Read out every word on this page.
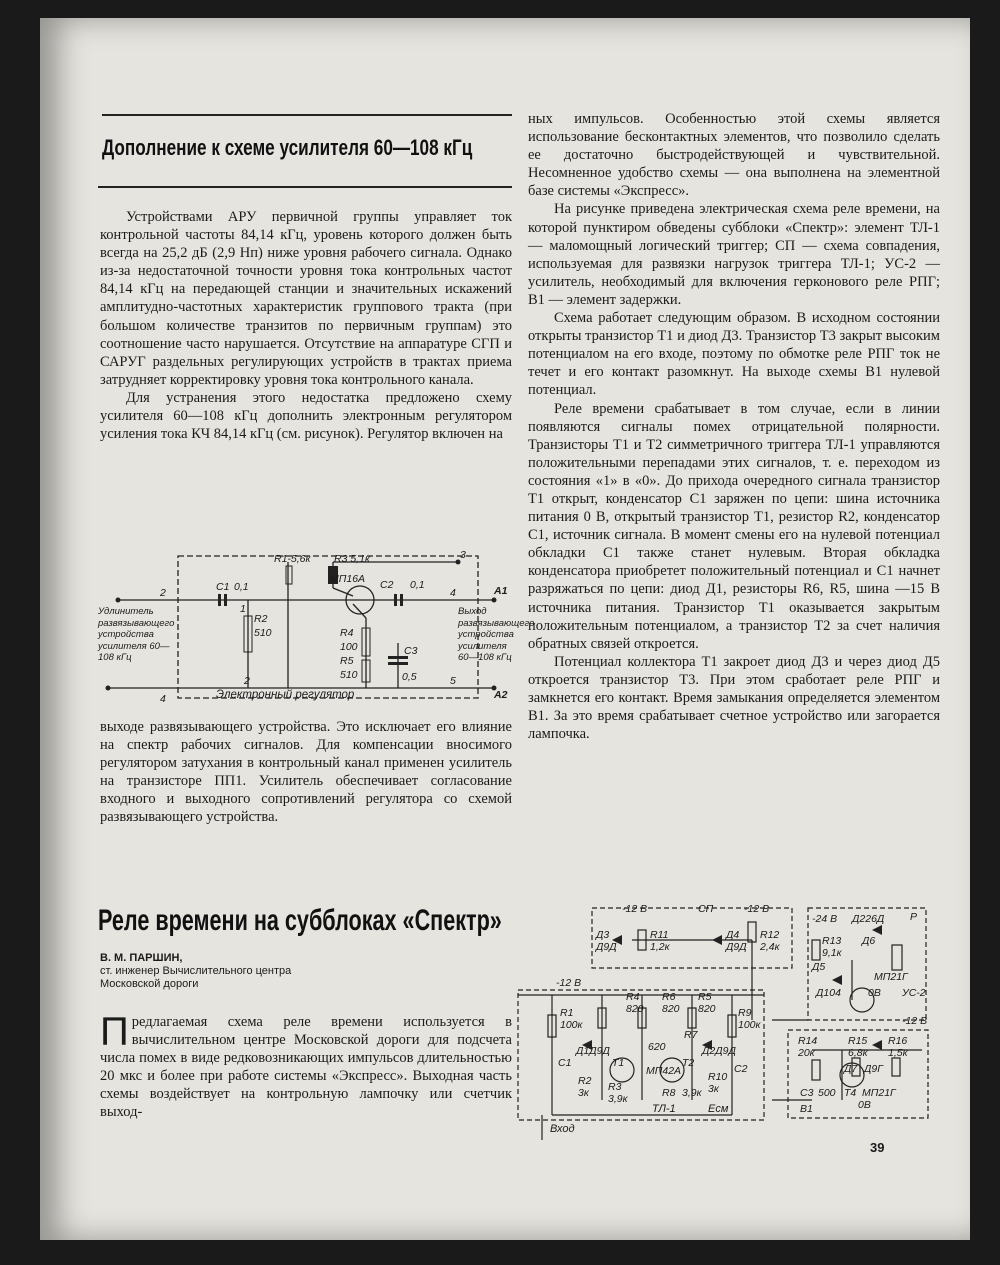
Дополнение к схеме усилителя 60—108 кГц

Устройствами АРУ первичной группы управляет ток контрольной частоты 84,14 кГц, уровень которого должен быть всегда на 25,2 дБ (2,9 Нп) ниже уровня рабочего сигнала. Однако из-за недостаточной точности уровня тока контрольных частот 84,14 кГц на передающей станции и значительных искажений амплитудно-частотных характеристик группового тракта (при большом количестве транзитов по первичным группам) это соотношение часто нарушается. Отсутствие на аппаратуре СГП и САРУГ раздельных регулирующих устройств в трактах приема затрудняет корректировку уровня тока контрольного канала.

Для устранения этого недостатка предложено схему усилителя 60—108 кГц дополнить электронным регулятором усиления тока КЧ 84,14 кГц (см. рисунок). Регулятор включен на

Удлинитель развязывающего устройства усилителя 60—108 кГц
Выход развязывающего устройства усилителя 60—108 кГц
Электронный регулятор
R1-5,6к R3 5,1к
МП16А C2 0,1
C1 0,1
R2
510	R4
100
R5
510
C3
0,5
2
1
2
4
3
4
5
A1
A2

выходе развязывающего устройства. Это исключает его влияние на спектр рабочих сигналов. Для компенсации вносимого регулятором затухания в контрольный канал применен усилитель на транзисторе ПП1. Усилитель обеспечивает согласование входного и выходного сопротивлений регулятора со схемой развязывающего устройства.

Реле времени на субблоках «Спектр»
В. М. ПАРШИН,
ст. инженер Вычислительного центра
Московской дороги

Предлагаемая схема реле времени используется в вычислительном центре Московской дороги для подсчета числа помех в виде редковозникающих импульсов длительностью 20 мкс и более при работе системы «Экспресс». Выходная часть схемы воздействует на контрольную лампочку или счетчик выход-

ных импульсов. Особенностью этой схемы является использование бесконтактных элементов, что позволило сделать ее достаточно быстродействующей и чувствительной. Несомненное удобство схемы — она выполнена на элементной базе системы «Экспресс».

На рисунке приведена электрическая схема реле времени, на которой пунктиром обведены субблоки «Спектр»: элемент ТЛ-1 — маломощный логический триггер; СП — схема совпадения, используемая для развязки нагрузок триггера ТЛ-1; УС-2 — усилитель, необходимый для включения герконового реле РПГ; В1 — элемент задержки.

Схема работает следующим образом. В исходном состоянии открыты транзистор Т1 и диод Д3. Транзистор Т3 закрыт высоким потенциалом на его входе, поэтому по обмотке реле РПГ ток не течет и его контакт разомкнут. На выходе схемы В1 нулевой потенциал.

Реле времени срабатывает в том случае, если в линии появляются сигналы помех отрицательной полярности. Транзисторы Т1 и Т2 симметричного триггера ТЛ-1 управляются положительными перепадами этих сигналов, т. е. переходом из состояния «1» в «0». До прихода очередного сигнала транзистор Т1 открыт, конденсатор С1 заряжен по цепи: шина источника питания 0 В, открытый транзистор Т1, резистор R2, конденсатор С1, источник сигнала. В момент смены его на нулевой потенциал обкладки С1 также станет нулевым. Вторая обкладка конденсатора приобретет положительный потенциал и С1 начнет разряжаться по цепи: диод Д1, резисторы R6, R5, шина —15 В источника питания. Транзистор Т1 оказывается закрытым положительным потенциалом, а транзистор Т2 за счет наличия обратных связей откроется.

Потенциал коллектора Т1 закроет диод Д3 и через диод Д5 откроется транзистор Т3. При этом сработает реле РПГ и замкнется его контакт. Время замыкания определяется элементом В1. За это время срабатывает счетное устройство или загорается лампочка.

-12 В	СП	-12 В
-24 В Д226Д Р
Д3
Д9Д
R11
1,2к
Д4
Д9Д
R12
2,4к	R13
9,1к
Д6
Д5
МП21Г
Д104	0В УС-2
-12 В
R4 R6 R5
820 820 820
R1
100к
R9
100к
R7
620
C1
Д1Д9Д	Д2Д9Д
Т1	Т2
МП42А
R2
3к R3
3,9к	R8 3,9к
R10
3к
C2
ТЛ-1	Есм
Вход
R14
20к
R15
6,8к
R16
1,5к
-12 В
Д7 Д9Г
C3 500 Т4 МП21Г
0В
В1
39
